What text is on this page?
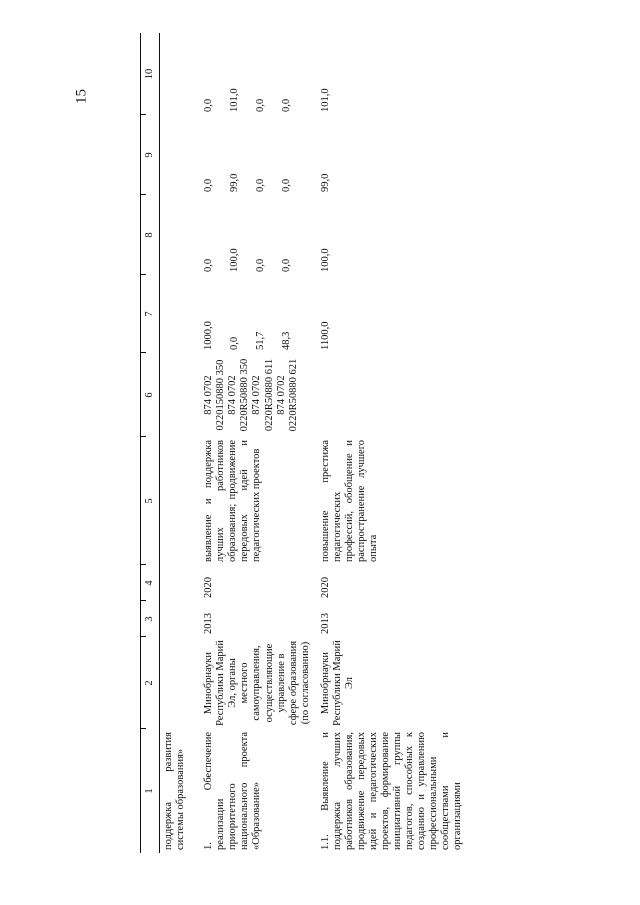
15
1	2	3	4	5	6	7	8	9	10
поддержка развития системы образования»									
1. Обеспечение реализации приоритетного национального проекта «Образование»	Минобрнауки Республики Марий Эл, органы местного самоуправления, осуществляющие управление в сфере образования (по согласованию)	2013	2020	выявление и поддержка лучших работников образования; продвижение передовых идей и педагогических проектов	874 0702 0220150880 350 874 0702 0220R50880 350 874 0702 0220R50880 611 874 0702 0220R50880 621	1000,0 0,0 51,7 48,3	0,0 100,0 0,0 0,0	0,0 99,0 0,0 0,0	0,0 101,0 0,0 0,0

1.1. Выявление и поддержка лучших работников образования, продвижение передовых идей и педагогических проектов, формирование инициативной группы педагогов, способных к созданию и управлению профессиональными сообществами и организациями	Минобрнауки Республики Марий Эл	2013	2020	повышение престижа педагогических профессий, обобщение и распространение лучшего опыта		1100,0	100,0	99,0	101,0
